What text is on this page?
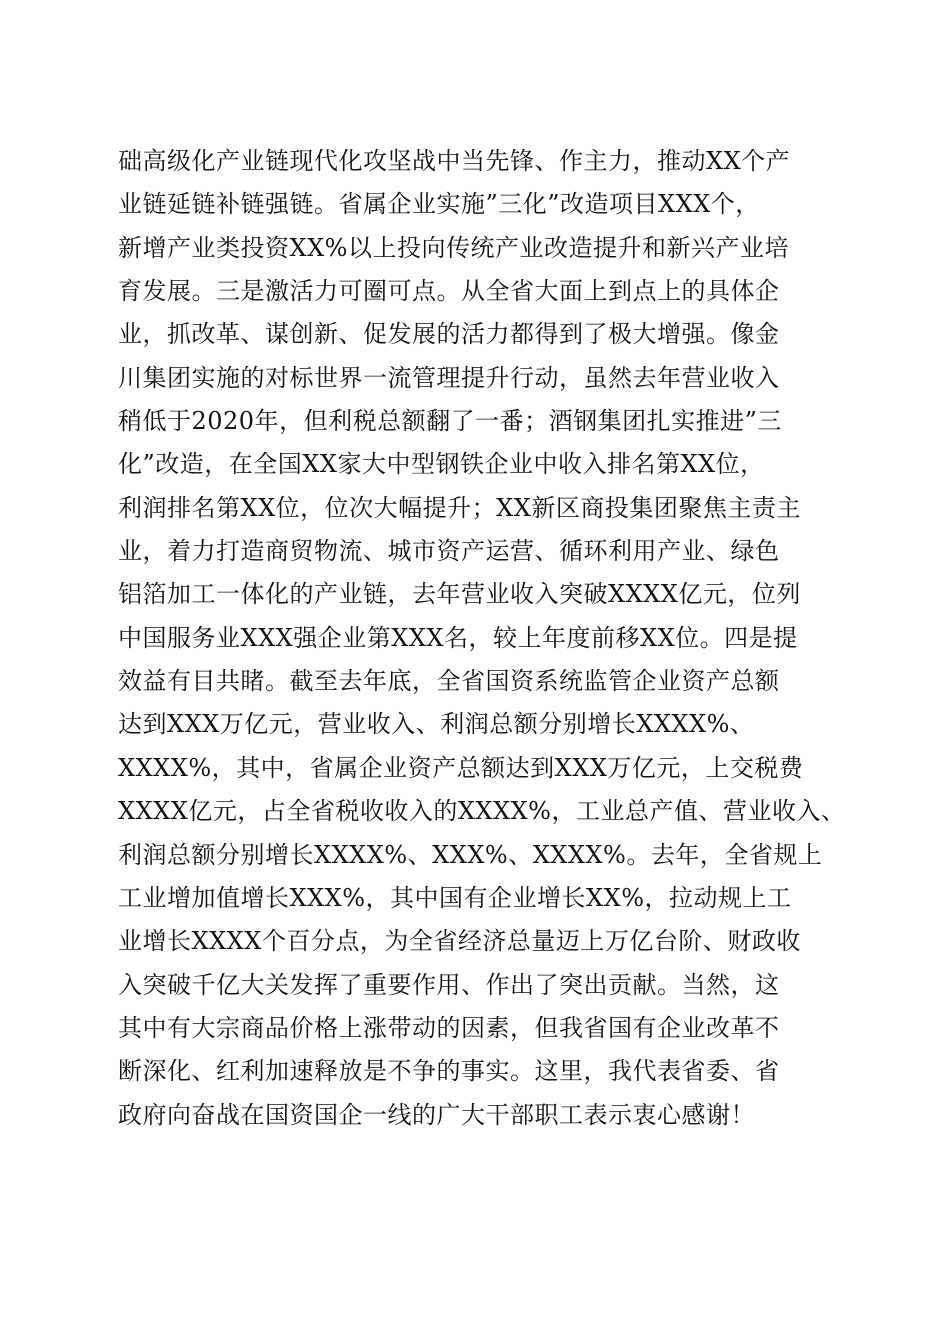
础高级化产业链现代化攻坚战中当先锋、作主力，推动XX个产
业链延链补链强链。省属企业实施”三化”改造项目XXX个，
新增产业类投资XX%以上投向传统产业改造提升和新兴产业培
育发展。三是激活力可圈可点。从全省大面上到点上的具体企
业，抓改革、谋创新、促发展的活力都得到了极大增强。像金
川集团实施的对标世界一流管理提升行动，虽然去年营业收入
稍低于2020年，但利税总额翻了一番；酒钢集团扎实推进”三
化”改造，在全国XX家大中型钢铁企业中收入排名第XX位，
利润排名第XX位，位次大幅提升；XX新区商投集团聚焦主责主
业，着力打造商贸物流、城市资产运营、循环利用产业、绿色
铝箔加工一体化的产业链，去年营业收入突破XXXX亿元，位列
中国服务业XXX强企业第XXX名，较上年度前移XX位。四是提
效益有目共睹。截至去年底，全省国资系统监管企业资产总额
达到XXX万亿元，营业收入、利润总额分别增长XXXX%、
XXXX%，其中，省属企业资产总额达到XXX万亿元，上交税费
XXXX亿元，占全省税收收入的XXXX%，工业总产值、营业收入、
利润总额分别增长XXXX%、XXX%、XXXX%。去年，全省规上
工业增加值增长XXX%，其中国有企业增长XX%，拉动规上工
业增长XXXX个百分点，为全省经济总量迈上万亿台阶、财政收
入突破千亿大关发挥了重要作用、作出了突出贡献。当然，这
其中有大宗商品价格上涨带动的因素，但我省国有企业改革不
断深化、红利加速释放是不争的事实。这里，我代表省委、省
政府向奋战在国资国企一线的广大干部职工表示衷心感谢！
